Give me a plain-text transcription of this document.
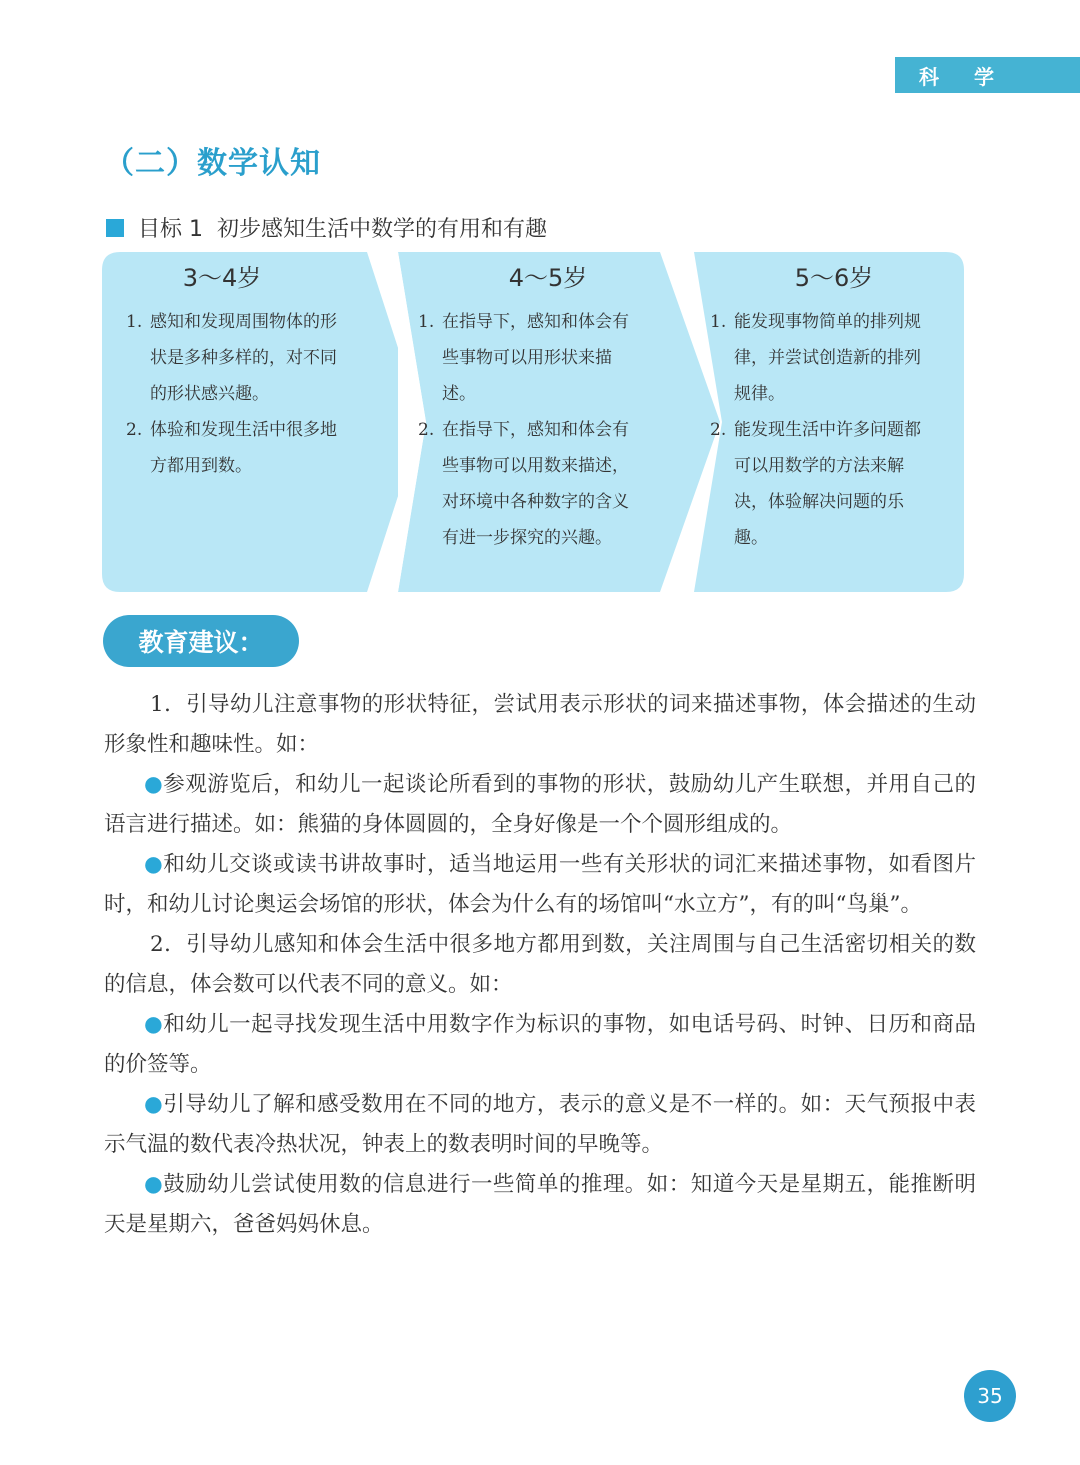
科 学
（二）数学认知
目标 1 初步感知生活中数学的有用和有趣
3～4岁
1. 感知和发现周围物体的形状是多种多样的，对不同的形状感兴趣。
2. 体验和发现生活中很多地方都用到数。
4～5岁
1. 在指导下，感知和体会有些事物可以用形状来描述。
2. 在指导下，感知和体会有些事物可以用数来描述，对环境中各种数字的含义有进一步探究的兴趣。
5～6岁
1. 能发现事物简单的排列规律，并尝试创造新的排列规律。
2. 能发现生活中许多问题都可以用数学的方法来解决，体验解决问题的乐趣。
教育建议：

1．引导幼儿注意事物的形状特征，尝试用表示形状的词来描述事物，体会描述的生动形象性和趣味性。如：

●参观游览后，和幼儿一起谈论所看到的事物的形状，鼓励幼儿产生联想，并用自己的语言进行描述。如：熊猫的身体圆圆的，全身好像是一个个圆形组成的。

●和幼儿交谈或读书讲故事时，适当地运用一些有关形状的词汇来描述事物，如看图片时，和幼儿讨论奥运会场馆的形状，体会为什么有的场馆叫“水立方”，有的叫“鸟巢”。

2．引导幼儿感知和体会生活中很多地方都用到数，关注周围与自己生活密切相关的数的信息，体会数可以代表不同的意义。如：

●和幼儿一起寻找发现生活中用数字作为标识的事物，如电话号码、时钟、日历和商品的价签等。

●引导幼儿了解和感受数用在不同的地方，表示的意义是不一样的。如：天气预报中表示气温的数代表冷热状况，钟表上的数表明时间的早晚等。

●鼓励幼儿尝试使用数的信息进行一些简单的推理。如：知道今天是星期五，能推断明天是星期六，爸爸妈妈休息。

35
